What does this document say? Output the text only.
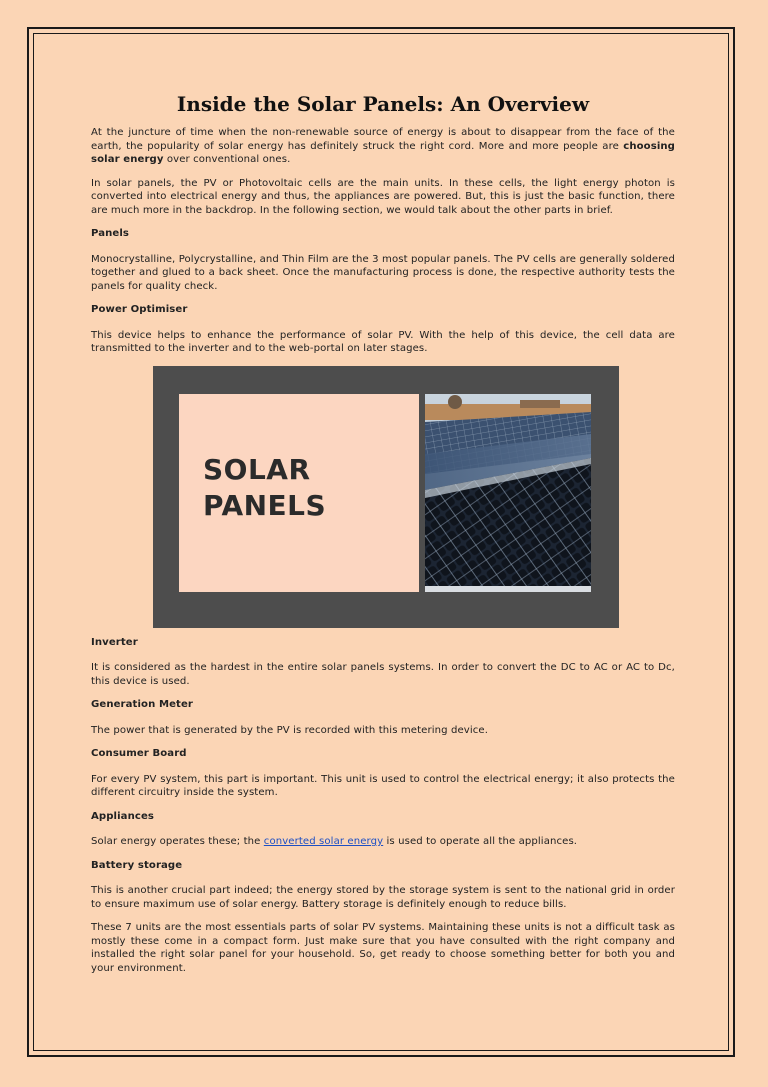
Inside the Solar Panels: An Overview

At the juncture of time when the non-renewable source of energy is about to disappear from the face of the earth, the popularity of solar energy has definitely struck the right cord. More and more people are choosing solar energy over conventional ones.

In solar panels, the PV or Photovoltaic cells are the main units. In these cells, the light energy photon is converted into electrical energy and thus, the appliances are powered. But, this is just the basic function, there are much more in the backdrop. In the following section, we would talk about the other parts in brief.

Panels

Monocrystalline, Polycrystalline, and Thin Film are the 3 most popular panels. The PV cells are generally soldered together and glued to a back sheet. Once the manufacturing process is done, the respective authority tests the panels for quality check.

Power Optimiser

This device helps to enhance the performance of solar PV. With the help of this device, the cell data are transmitted to the inverter and to the web-portal on later stages.

SOLAR
PANELS

Inverter

It is considered as the hardest in the entire solar panels systems. In order to convert the DC to AC or AC to Dc, this device is used.

Generation Meter

The power that is generated by the PV is recorded with this metering device.

Consumer Board

For every PV system, this part is important. This unit is used to control the electrical energy; it also protects the different circuitry inside the system.

Appliances

Solar energy operates these; the converted solar energy is used to operate all the appliances.

Battery storage

This is another crucial part indeed; the energy stored by the storage system is sent to the national grid in order to ensure maximum use of solar energy. Battery storage is definitely enough to reduce bills.

These 7 units are the most essentials parts of solar PV systems. Maintaining these units is not a difficult task as mostly these come in a compact form. Just make sure that you have consulted with the right company and installed the right solar panel for your household. So, get ready to choose something better for both you and your environment.
